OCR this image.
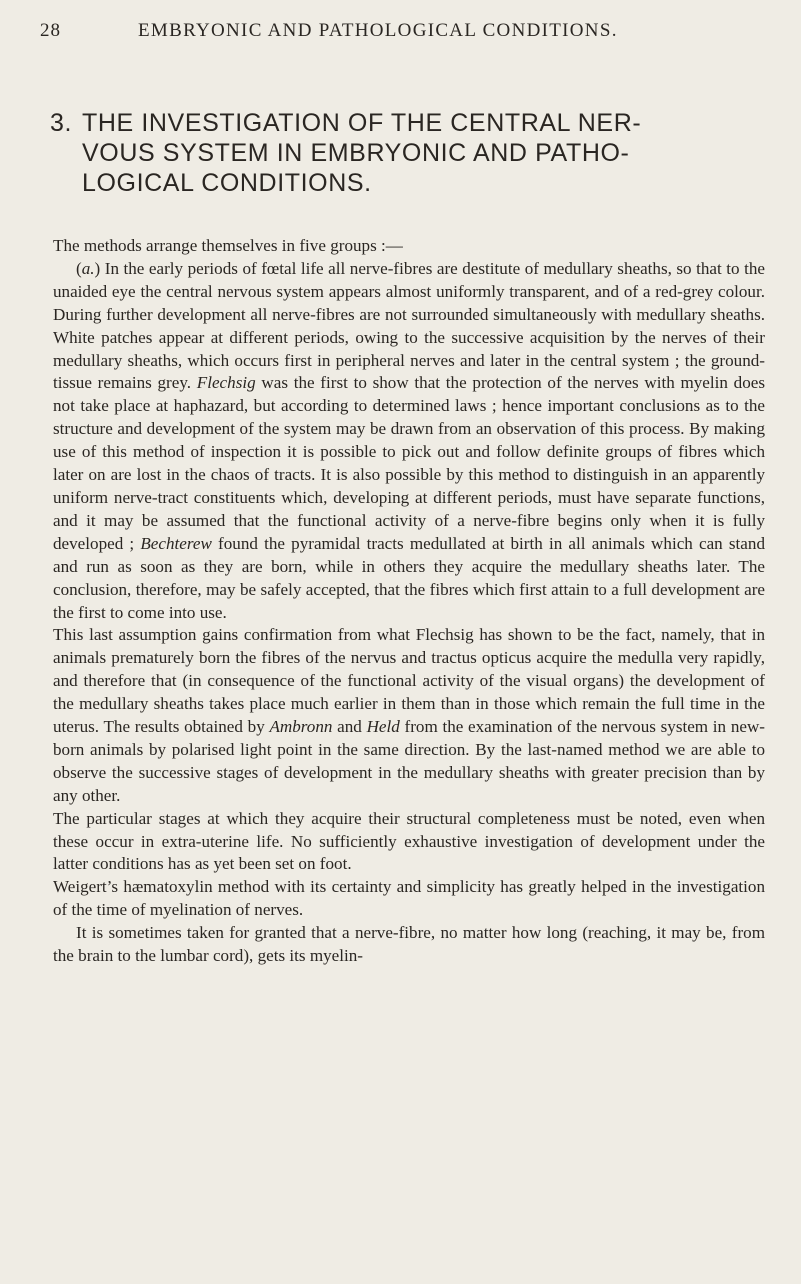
28	EMBRYONIC AND PATHOLOGICAL CONDITIONS.
3. THE INVESTIGATION OF THE CENTRAL NERVOUS SYSTEM IN EMBRYONIC AND PATHOLOGICAL CONDITIONS.

The methods arrange themselves in five groups :—

(a.) In the early periods of fœtal life all nerve-fibres are destitute of medullary sheaths, so that to the unaided eye the central nervous system appears almost uniformly transparent, and of a red-grey colour. During further development all nerve-fibres are not surrounded simultaneously with medullary sheaths. White patches appear at different periods, owing to the successive acquisition by the nerves of their medullary sheaths, which occurs first in peripheral nerves and later in the central system ; the ground-tissue remains grey. Flechsig was the first to show that the protection of the nerves with myelin does not take place at haphazard, but according to determined laws ; hence important conclusions as to the structure and development of the system may be drawn from an observation of this process. By making use of this method of inspection it is possible to pick out and follow definite groups of fibres which later on are lost in the chaos of tracts. It is also possible by this method to distinguish in an apparently uniform nerve-tract constituents which, developing at different periods, must have separate functions, and it may be assumed that the functional activity of a nerve-fibre begins only when it is fully developed ; Bechterew found the pyramidal tracts medullated at birth in all animals which can stand and run as soon as they are born, while in others they acquire the medullary sheaths later. The conclusion, therefore, may be safely accepted, that the fibres which first attain to a full development are the first to come into use.

This last assumption gains confirmation from what Flechsig has shown to be the fact, namely, that in animals prematurely born the fibres of the nervus and tractus opticus acquire the medulla very rapidly, and therefore that (in consequence of the functional activity of the visual organs) the development of the medullary sheaths takes place much earlier in them than in those which remain the full time in the uterus. The results obtained by Ambronn and Held from the examination of the nervous system in new-born animals by polarised light point in the same direction. By the last-named method we are able to observe the successive stages of development in the medullary sheaths with greater precision than by any other.

The particular stages at which they acquire their structural completeness must be noted, even when these occur in extra-uterine life. No sufficiently exhaustive investigation of development under the latter conditions has as yet been set on foot.

Weigert’s hæmatoxylin method with its certainty and simplicity has greatly helped in the investigation of the time of myelination of nerves.

It is sometimes taken for granted that a nerve-fibre, no matter how long (reaching, it may be, from the brain to the lumbar cord), gets its myelin-
